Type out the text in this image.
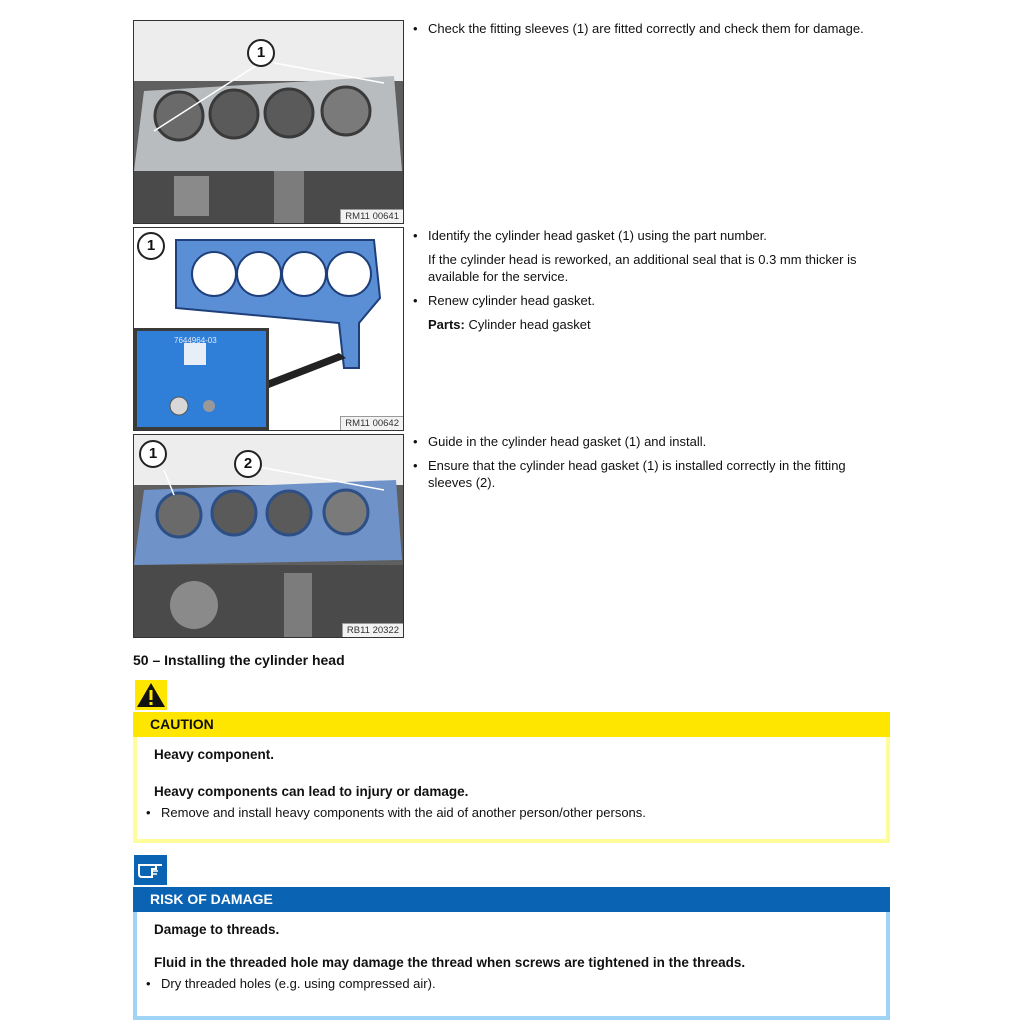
1
RM11 00641
1
7644964-03
RM11 00642
1
2
RB11 20322
• Check the fitting sleeves (1) are fitted correctly and check them for damage.
• Identify the cylinder head gasket (1) using the part number.
If the cylinder head is reworked, an additional seal that is 0.3 mm thicker is available for the service.
• Renew cylinder head gasket.
Parts: Cylinder head gasket
• Guide in the cylinder head gasket (1) and install.
• Ensure that the cylinder head gasket (1) is installed correctly in the fitting sleeves (2).
50 – Installing the cylinder head
CAUTION
Heavy component.
Heavy components can lead to injury or damage.
• Remove and install heavy components with the aid of another person/other persons.
RISK OF DAMAGE
Damage to threads.
Fluid in the threaded hole may damage the thread when screws are tightened in the threads.
• Dry threaded holes (e.g. using compressed air).
